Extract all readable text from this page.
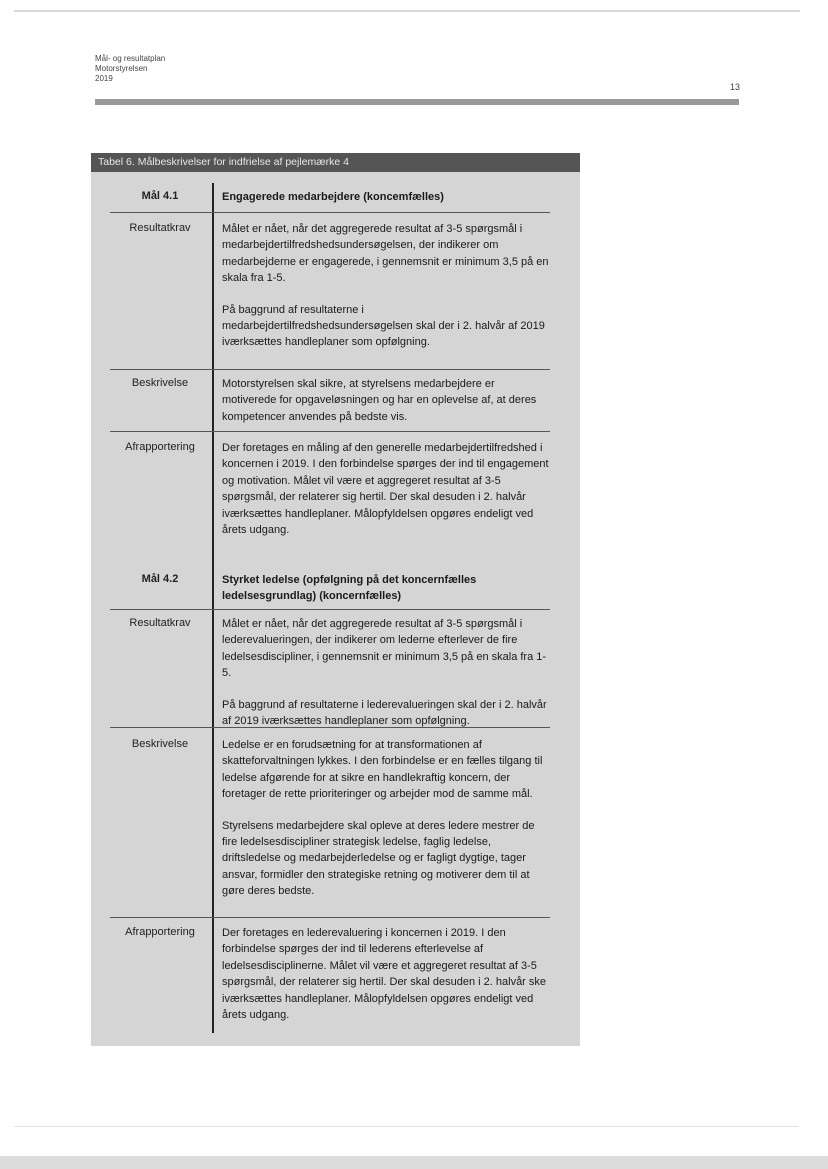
Mål- og resultatplan
Motorstyrelsen
2019
13
Tabel 6. Målbeskrivelser for indfrielse af pejlemærke 4
Mål 4.1	Engagerede medarbejdere (koncemfælles)
Resultatkrav	Målet er nået, når det aggregerede resultat af 3-5 spørgsmål i medarbejdertilfredshedsundersøgelsen, der indikerer om medarbejderne er engagerede, i gennemsnit er minimum 3,5 på en skala fra 1-5.

På baggrund af resultaterne i medarbejdertilfredshedsundersøgelsen skal der i 2. halvår af 2019 iværksættes handleplaner som opfølgning.

Beskrivelse	Motorstyrelsen skal sikre, at styrelsens medarbejdere er motiverede for opgaveløsningen og har en oplevelse af, at deres kompetencer anvendes på bedste vis.

Afrapportering	Der foretages en måling af den generelle medarbejdertilfredshed i koncernen i 2019. I den forbindelse spørges der ind til engagement og motivation. Målet vil være et aggregeret resultat af 3-5 spørgsmål, der relaterer sig hertil. Der skal desuden i 2. halvår iværksættes handleplaner. Målopfyldelsen opgøres endeligt ved årets udgang.

Mål 4.2	Styrket ledelse (opfølgning på det koncernfælles ledelsesgrundlag) (koncernfælles)
Resultatkrav	Målet er nået, når det aggregerede resultat af 3-5 spørgsmål i lederevalueringen, der indikerer om lederne efterlever de fire ledelsesdiscipliner, i gennemsnit er minimum 3,5 på en skala fra 1-5.

På baggrund af resultaterne i lederevalueringen skal der i 2. halvår af 2019 iværksættes handleplaner som opfølgning.

Beskrivelse	Ledelse er en forudsætning for at transformationen af skatteforvaltningen lykkes. I den forbindelse er en fælles tilgang til ledelse afgørende for at sikre en handlekraftig koncern, der foretager de rette prioriteringer og arbejder mod de samme mål.

Styrelsens medarbejdere skal opleve at deres ledere mestrer de fire ledelsesdiscipliner strategisk ledelse, faglig ledelse, driftsledelse og medarbejderledelse og er fagligt dygtige, tager ansvar, formidler den strategiske retning og motiverer dem til at gøre deres bedste.

Afrapportering	Der foretages en lederevaluering i koncernen i 2019. I den forbindelse spørges der ind til lederens efterlevelse af ledelsesdisciplinerne. Målet vil være et aggregeret resultat af 3-5 spørgsmål, der relaterer sig hertil. Der skal desuden i 2. halvår ske iværksættes handleplaner. Målopfyldelsen opgøres endeligt ved årets udgang.
